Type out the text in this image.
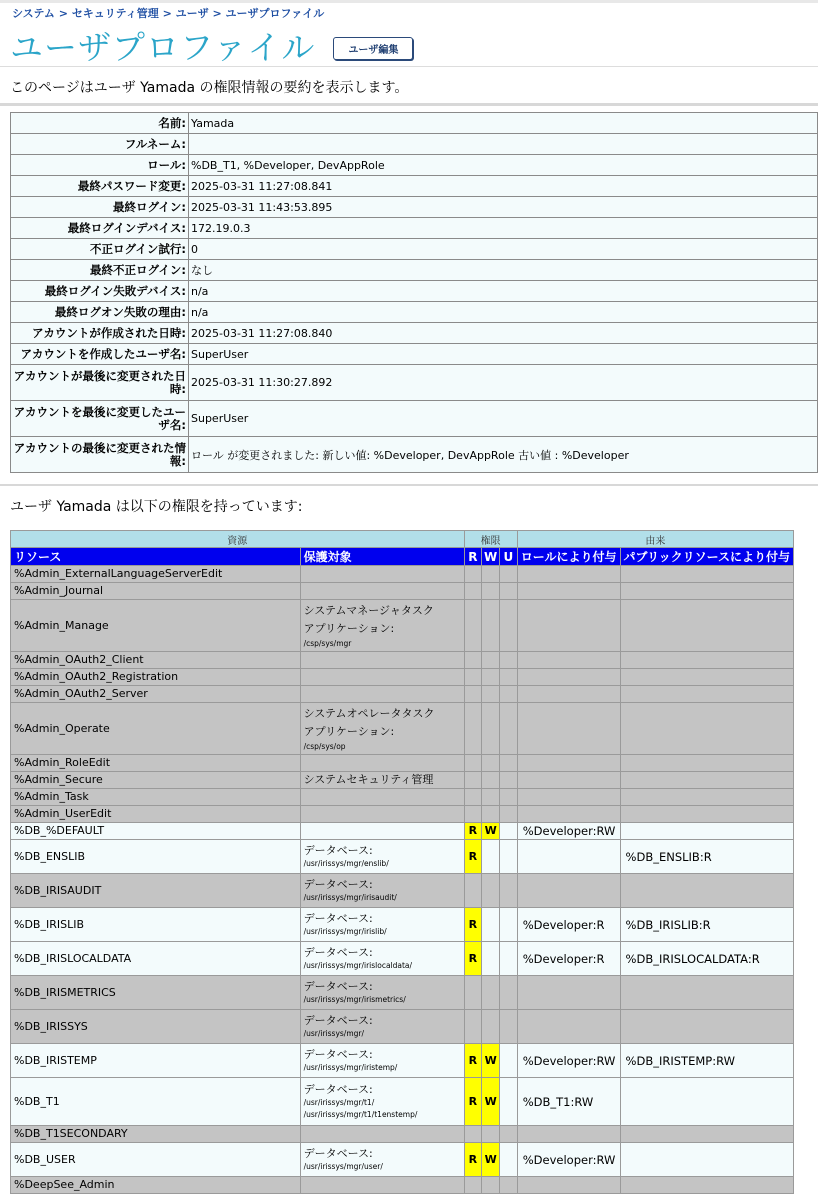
システム > セキュリティ管理 > ユーザ > ユーザプロファイル
ユーザプロファイル	ユーザ編集
このページはユーザ Yamada の権限情報の要約を表示します。
名前:	Yamada
フルネーム:	
ロール:	%DB_T1, %Developer, DevAppRole
最終パスワード変更:	2025-03-31 11:27:08.841
最終ログイン:	2025-03-31 11:43:53.895
最終ログインデバイス:	172.19.0.3
不正ログイン試行:	0
最終不正ログイン:	なし
最終ログイン失敗デバイス:	n/a
最終ログオン失敗の理由:	n/a
アカウントが作成された日時:	2025-03-31 11:27:08.840
アカウントを作成したユーザ名:	SuperUser
アカウントが最後に変更された日時:	2025-03-31 11:30:27.892
アカウントを最後に変更したユーザ名:	SuperUser
アカウントの最後に変更された情報:	ロール が変更されました: 新しい値: %Developer, DevAppRole 古い値 : %Developer
ユーザ Yamada は以下の権限を持っています:
資源		権限			由来	
リソース	保護対象	R	W	U	ロールにより付与	パブリックリソースにより付与
%Admin_ExternalLanguageServerEdit						
%Admin_Journal						
%Admin_Manage	システムマネージャタスク
アプリケーション:
/csp/sys/mgr					

%Admin_OAuth2_Client						
%Admin_OAuth2_Registration						
%Admin_OAuth2_Server						
%Admin_Operate	システムオペレータタスク
アプリケーション:
/csp/sys/op					

%Admin_RoleEdit						
%Admin_Secure	システムセキュリティ管理					

%Admin_Task						
%Admin_UserEdit						
%DB_%DEFAULT		R	W		%Developer:RW	
%DB_ENSLIB	データベース:
/usr/irissys/mgr/enslib/	R				%DB_ENSLIB:R
%DB_IRISAUDIT	データベース:
/usr/irissys/mgr/irisaudit/					

%DB_IRISLIB	データベース:
/usr/irissys/mgr/irislib/	R			%Developer:R	%DB_IRISLIB:R
%DB_IRISLOCALDATA	データベース:
/usr/irissys/mgr/irislocaldata/	R			%Developer:R	%DB_IRISLOCALDATA:R
%DB_IRISMETRICS	データベース:
/usr/irissys/mgr/irismetrics/					

%DB_IRISSYS	データベース:
/usr/irissys/mgr/					

%DB_IRISTEMP	データベース:
/usr/irissys/mgr/iristemp/	R	W		%Developer:RW	%DB_IRISTEMP:RW
%DB_T1	データベース:
/usr/irissys/mgr/t1/
/usr/irissys/mgr/t1/t1enstemp/	R	W		%DB_T1:RW	
%DB_T1SECONDARY						
%DB_USER	データベース:
/usr/irissys/mgr/user/	R	W		%Developer:RW	
%DeepSee_Admin						
